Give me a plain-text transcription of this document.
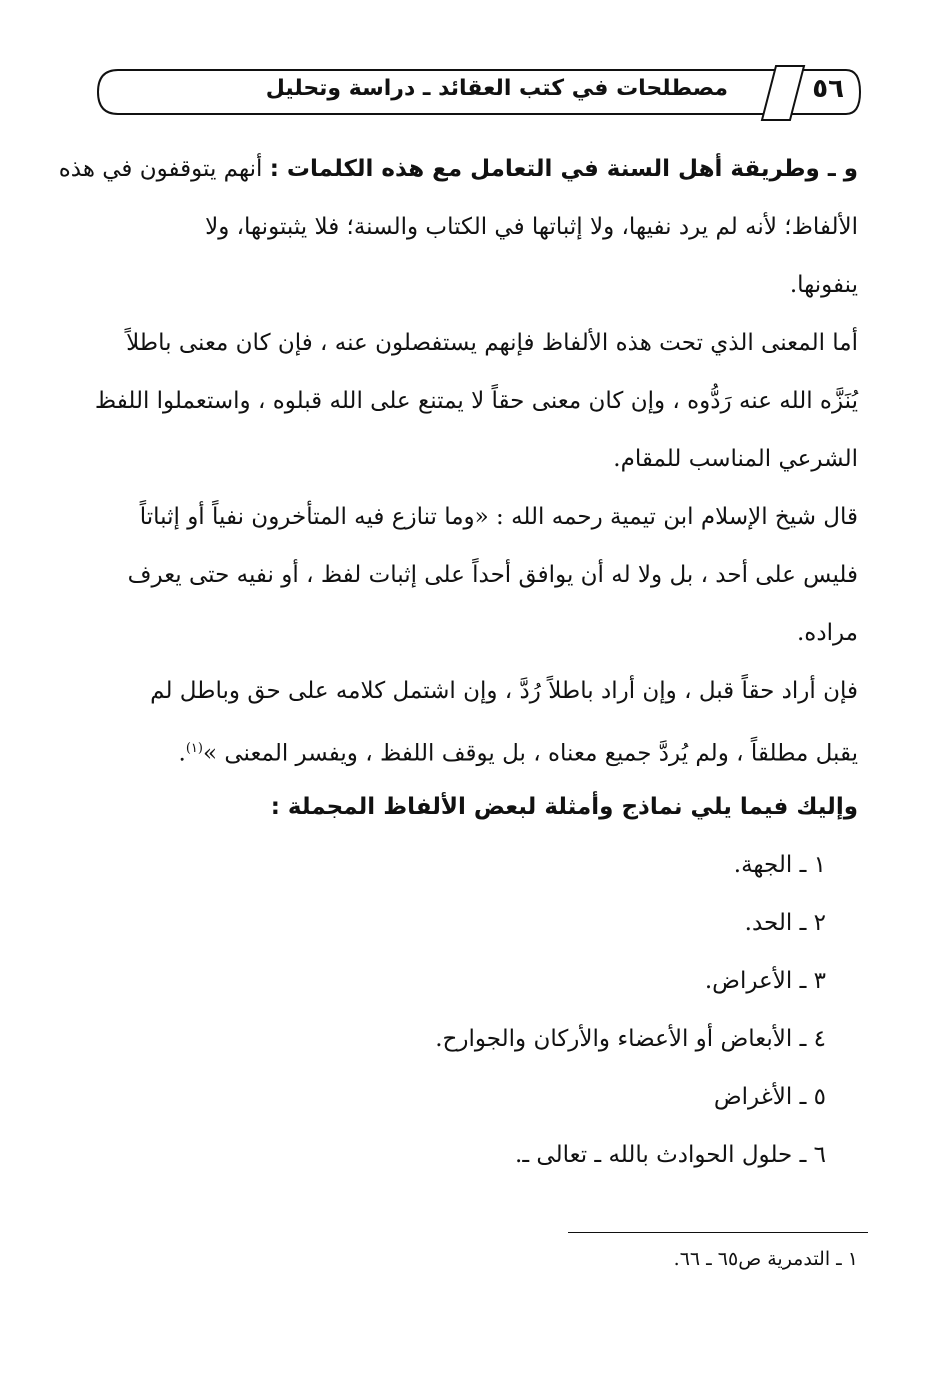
مصطلحات في كتب العقائد ـ دراسة وتحليل	٥٦
و ـ وطريقة أهل السنة في التعامل مع هذه الكلمات : أنهم يتوقفون في هذه
الألفاظ؛ لأنه لم يرد نفيها، ولا إثباتها في الكتاب والسنة؛ فلا يثبتونها، ولا
ينفونها.
أما المعنى الذي تحت هذه الألفاظ فإنهم يستفصلون عنه ، فإن كان معنى باطلاً
يُنَزَّه الله عنه رَدُّوه ، وإن كان معنى حقاً لا يمتنع على الله قبلوه ، واستعملوا اللفظ
الشرعي المناسب للمقام.
قال شيخ الإسلام ابن تيمية رحمه الله : «وما تنازع فيه المتأخرون نفياً أو إثباتاً
فليس على أحد ، بل ولا له أن يوافق أحداً على إثبات لفظ ، أو نفيه حتى يعرف
مراده.
فإن أراد حقاً قبل ، وإن أراد باطلاً رُدَّ ، وإن اشتمل كلامه على حق وباطل لم
يقبل مطلقاً ، ولم يُردَّ جميع معناه ، بل يوقف اللفظ ، ويفسر المعنى »$^{(١)}$.
وإليك فيما يلي نماذج وأمثلة لبعض الألفاظ المجملة :
١ ـ الجهة.
٢ ـ الحد.
٣ ـ الأعراض.
٤ ـ الأبعاض أو الأعضاء والأركان والجوارح.
٥ ـ الأغراض
٦ ـ حلول الحوادث بالله ـ تعالى ـ.
١ ـ التدمرية ص٦٥ ـ ٦٦.
